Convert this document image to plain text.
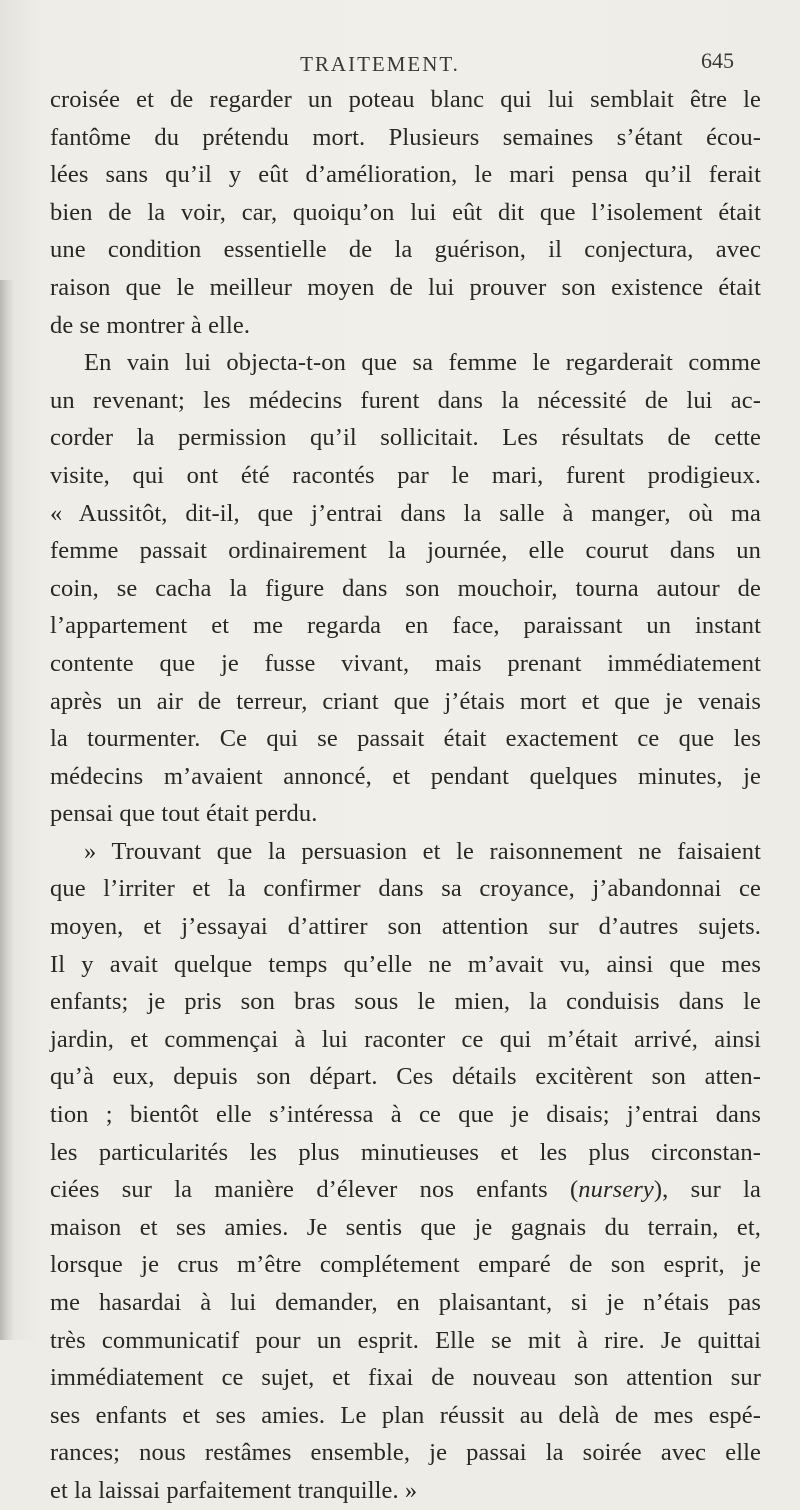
TRAITEMENT.	645
croisée et de regarder un poteau blanc qui lui semblait être le
fantôme du prétendu mort. Plusieurs semaines s’étant écou-
lées sans qu’il y eût d’amélioration, le mari pensa qu’il ferait
bien de la voir, car, quoiqu’on lui eût dit que l’isolement était
une condition essentielle de la guérison, il conjectura, avec
raison que le meilleur moyen de lui prouver son existence était
de se montrer à elle.
En vain lui objecta-t-on que sa femme le regarderait comme
un revenant; les médecins furent dans la nécessité de lui ac-
corder la permission qu’il sollicitait. Les résultats de cette
visite, qui ont été racontés par le mari, furent prodigieux.
« Aussitôt, dit-il, que j’entrai dans la salle à manger, où ma
femme passait ordinairement la journée, elle courut dans un
coin, se cacha la figure dans son mouchoir, tourna autour de
l’appartement et me regarda en face, paraissant un instant
contente que je fusse vivant, mais prenant immédiatement
après un air de terreur, criant que j’étais mort et que je venais
la tourmenter. Ce qui se passait était exactement ce que les
médecins m’avaient annoncé, et pendant quelques minutes, je
pensai que tout était perdu.
» Trouvant que la persuasion et le raisonnement ne faisaient
que l’irriter et la confirmer dans sa croyance, j’abandonnai ce
moyen, et j’essayai d’attirer son attention sur d’autres sujets.
Il y avait quelque temps qu’elle ne m’avait vu, ainsi que mes
enfants; je pris son bras sous le mien, la conduisis dans le
jardin, et commençai à lui raconter ce qui m’était arrivé, ainsi
qu’à eux, depuis son départ. Ces détails excitèrent son atten-
tion ; bientôt elle s’intéressa à ce que je disais; j’entrai dans
les particularités les plus minutieuses et les plus circonstan-
ciées sur la manière d’élever nos enfants (nursery), sur la
maison et ses amies. Je sentis que je gagnais du terrain, et,
lorsque je crus m’être complétement emparé de son esprit, je
me hasardai à lui demander, en plaisantant, si je n’étais pas
très communicatif pour un esprit. Elle se mit à rire. Je quittai
immédiatement ce sujet, et fixai de nouveau son attention sur
ses enfants et ses amies. Le plan réussit au delà de mes espé-
rances; nous restâmes ensemble, je passai la soirée avec elle
et la laissai parfaitement tranquille. »
